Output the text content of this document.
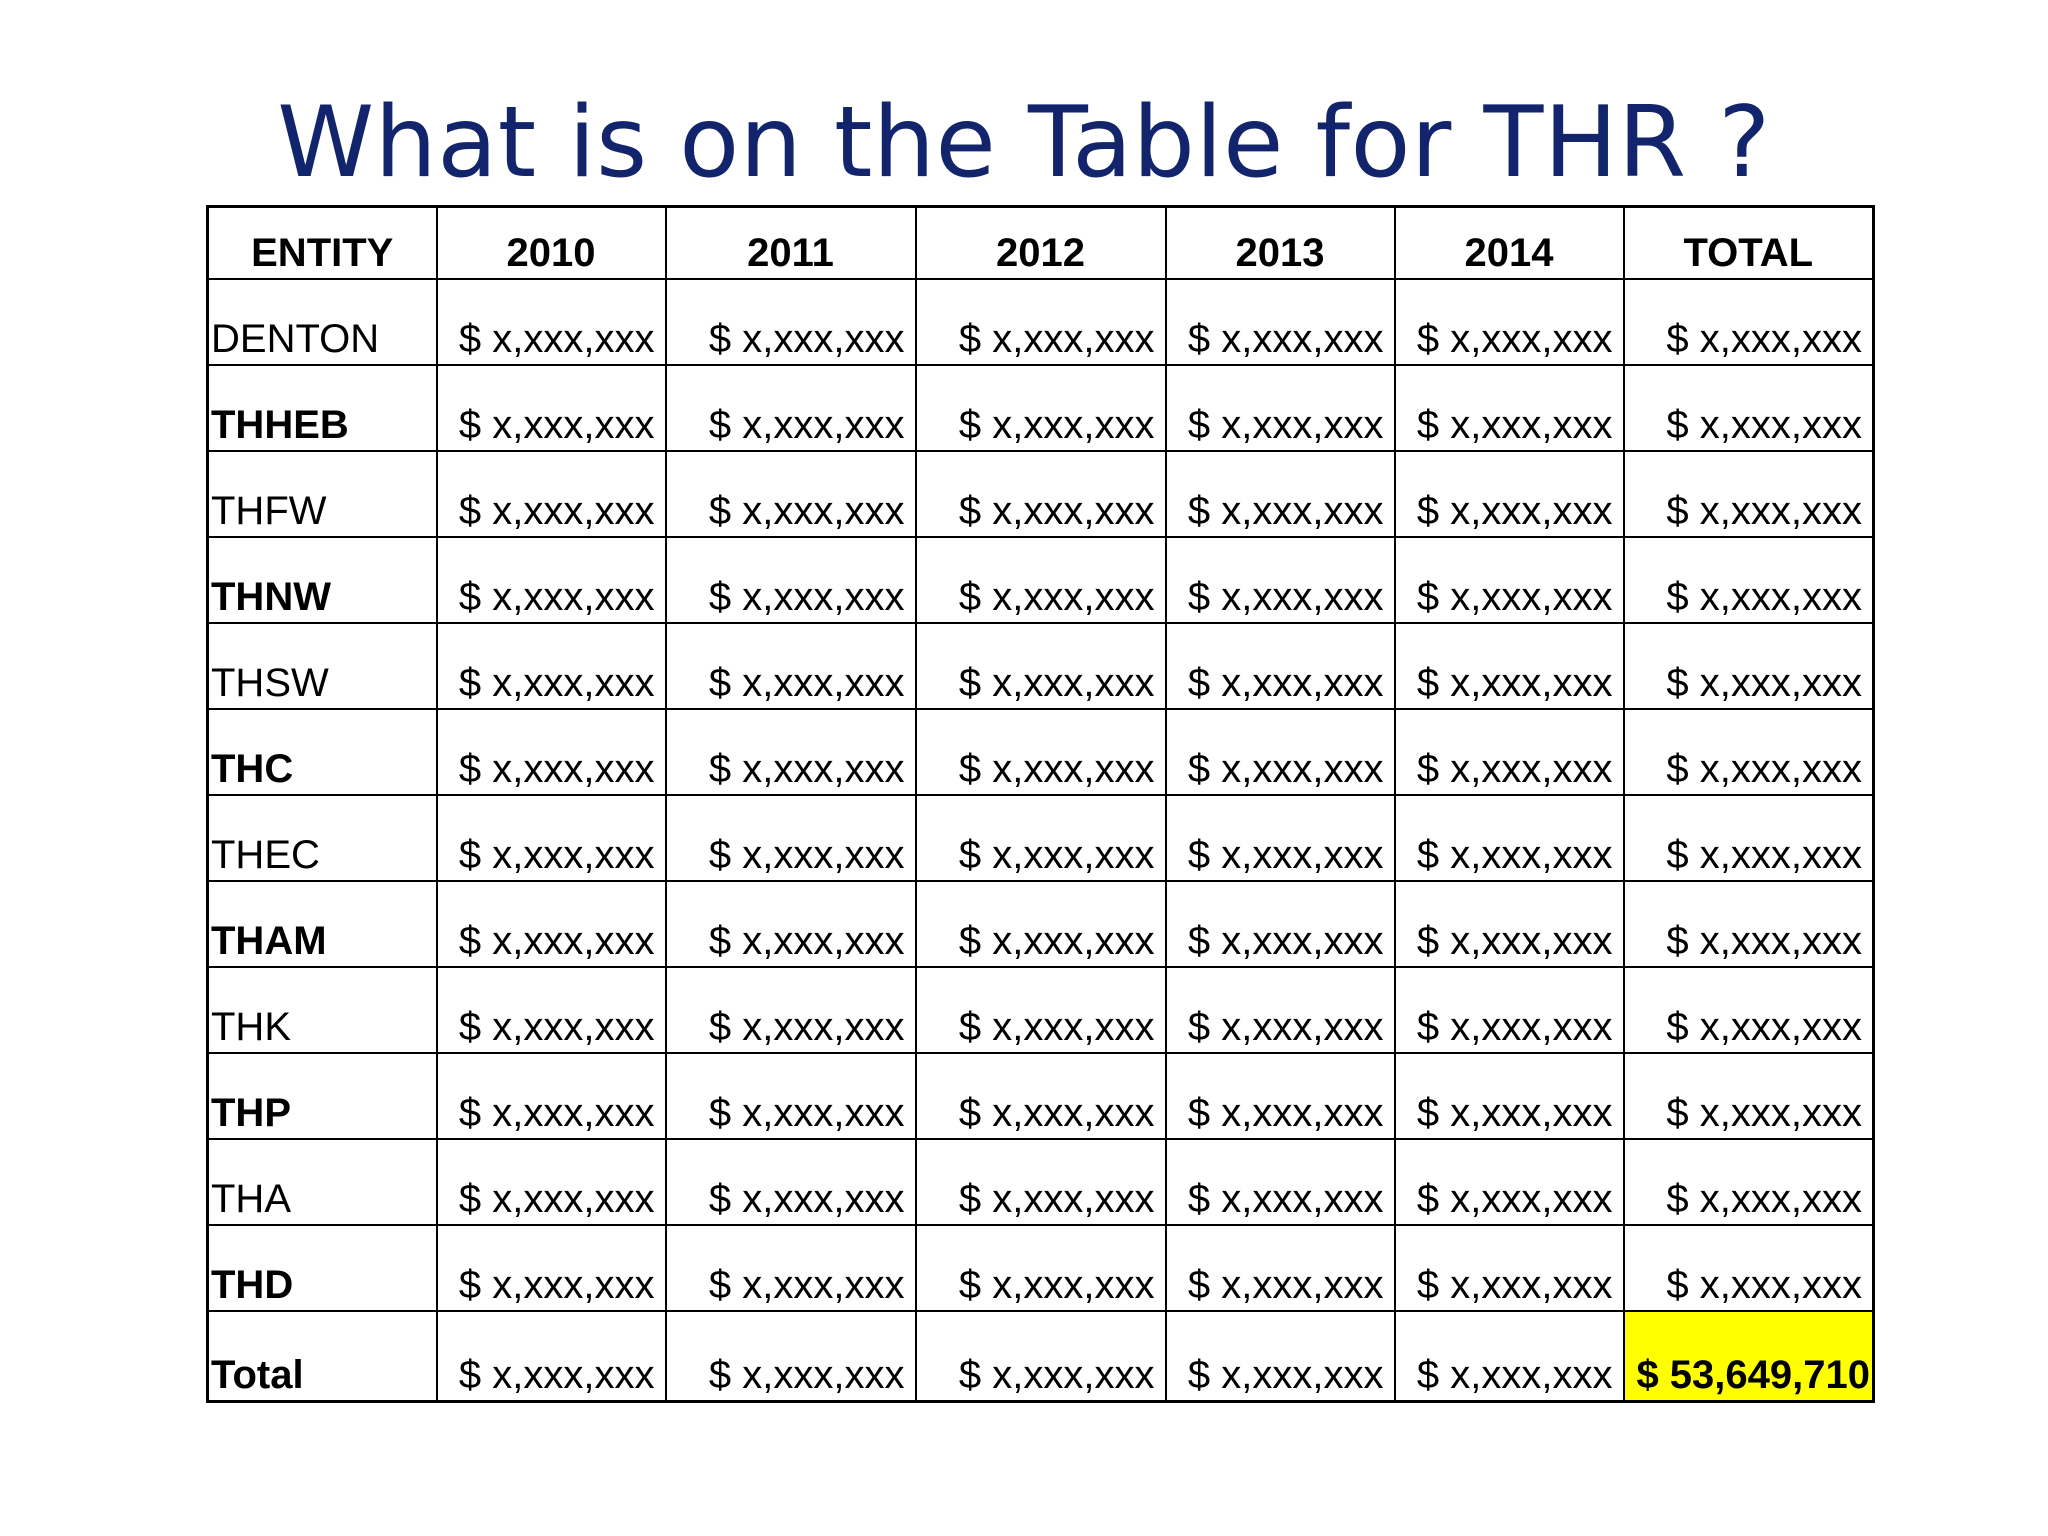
What is on the Table for THR ?
ENTITY	2010	2011	2012	2013	2014	TOTAL
DENTON	$ x,xxx,xxx	$ x,xxx,xxx	$ x,xxx,xxx	$ x,xxx,xxx	$ x,xxx,xxx	$ x,xxx,xxx
THHEB	$ x,xxx,xxx	$ x,xxx,xxx	$ x,xxx,xxx	$ x,xxx,xxx	$ x,xxx,xxx	$ x,xxx,xxx
THFW	$ x,xxx,xxx	$ x,xxx,xxx	$ x,xxx,xxx	$ x,xxx,xxx	$ x,xxx,xxx	$ x,xxx,xxx
THNW	$ x,xxx,xxx	$ x,xxx,xxx	$ x,xxx,xxx	$ x,xxx,xxx	$ x,xxx,xxx	$ x,xxx,xxx
THSW	$ x,xxx,xxx	$ x,xxx,xxx	$ x,xxx,xxx	$ x,xxx,xxx	$ x,xxx,xxx	$ x,xxx,xxx
THC	$ x,xxx,xxx	$ x,xxx,xxx	$ x,xxx,xxx	$ x,xxx,xxx	$ x,xxx,xxx	$ x,xxx,xxx
THEC	$ x,xxx,xxx	$ x,xxx,xxx	$ x,xxx,xxx	$ x,xxx,xxx	$ x,xxx,xxx	$ x,xxx,xxx
THAM	$ x,xxx,xxx	$ x,xxx,xxx	$ x,xxx,xxx	$ x,xxx,xxx	$ x,xxx,xxx	$ x,xxx,xxx
THK	$ x,xxx,xxx	$ x,xxx,xxx	$ x,xxx,xxx	$ x,xxx,xxx	$ x,xxx,xxx	$ x,xxx,xxx
THP	$ x,xxx,xxx	$ x,xxx,xxx	$ x,xxx,xxx	$ x,xxx,xxx	$ x,xxx,xxx	$ x,xxx,xxx
THA	$ x,xxx,xxx	$ x,xxx,xxx	$ x,xxx,xxx	$ x,xxx,xxx	$ x,xxx,xxx	$ x,xxx,xxx
THD	$ x,xxx,xxx	$ x,xxx,xxx	$ x,xxx,xxx	$ x,xxx,xxx	$ x,xxx,xxx	$ x,xxx,xxx
Total	$ x,xxx,xxx	$ x,xxx,xxx	$ x,xxx,xxx	$ x,xxx,xxx	$ x,xxx,xxx	$ 53,649,710
